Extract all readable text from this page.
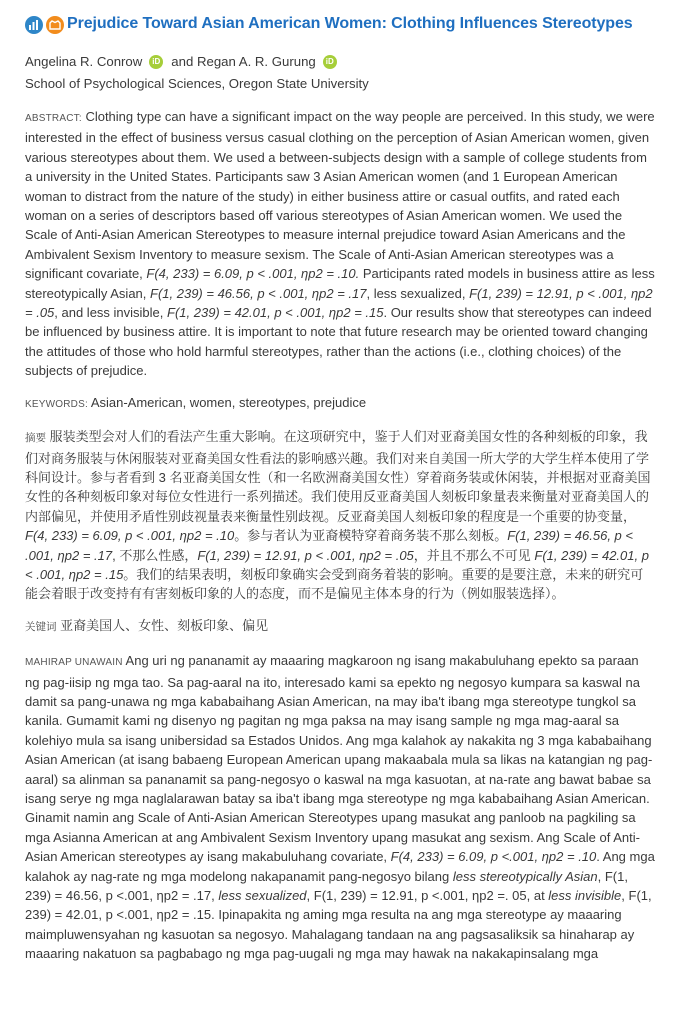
Prejudice Toward Asian American Women: Clothing Influences Stereotypes
Angelina R. Conrow	iD and
Regan A. R. Gurung	iD
School of Psychological Sciences, Oregon State University
ABSTRACT: Clothing type can have a significant impact on the way people are perceived. In this study, we were interested in the effect of business versus casual clothing on the perception of Asian American women, given various stereotypes about them. We used a between-subjects design with a sample of college students from a university in the United States. Participants saw 3 Asian American women (and 1 European American woman to distract from the nature of the study) in either business attire or casual outfits, and rated each woman on a series of descriptors based off various stereotypes of Asian American women. We used the Scale of Anti-Asian American Stereotypes to measure internal prejudice toward Asian Americans and the Ambivalent Sexism Inventory to measure sexism. The Scale of Anti-Asian American stereotypes was a significant covariate, F(4, 233) = 6.09, p < .001, ηp2 = .10. Participants rated models in business attire as less stereotypically Asian, F(1, 239) = 46.56, p < .001, ηp2 = .17, less sexualized, F(1, 239) = 12.91, p < .001, ηp2 = .05, and less invisible, F(1, 239) = 42.01, p < .001, ηp2 = .15. Our results show that stereotypes can indeed be influenced by business attire. It is important to note that future research may be oriented toward changing the attitudes of those who hold harmful stereotypes, rather than the actions (i.e., clothing choices) of the subjects of prejudice.
KEYWORDS: Asian-American, women, stereotypes, prejudice
摘要 服装类型会对人们的看法产生重大影响。在这项研究中，鉴于人们对亚裔美国女性的各种刻板的印象，我们对商务服装与休闲服装对亚裔美国女性看法的影响感兴趣。我们对来自美国一所大学的大学生样本使用了学科间设计。参与者看到 3 名亚裔美国女性（和一名欧洲裔美国女性）穿着商务装或休闲装，并根据对亚裔美国女性的各种刻板印象对每位女性进行一系列描述。我们使用反亚裔美国人刻板印象量表来衡量对亚裔美国人的内部偏见，并使用矛盾性别歧视量表来衡量性别歧视。反亚裔美国人刻板印象的程度是一个重要的协变量，F(4, 233) = 6.09, p < .001, ηp2 = .10。参与者认为亚裔模特穿着商务装不那么刻板。F(1, 239) = 46.56, p < .001, ηp2 = .17, 不那么性感，F(1, 239) = 12.91, p < .001, ηp2 = .05，并且不那么不可见 F(1, 239) = 42.01, p < .001, ηp2 = .15。我们的结果表明，刻板印象确实会受到商务着装的影响。重要的是要注意，未来的研究可能会着眼于改变持有有害刻板印象的人的态度，而不是偏见主体本身的行为（例如服装选择）。
关键词 亚裔美国人、女性、刻板印象、偏见
MAHIRAP UNAWAIN Ang uri ng pananamit ay maaaring magkaroon ng isang makabuluhang epekto sa paraan ng pag-iisip ng mga tao. Sa pag-aaral na ito, interesado kami sa epekto ng negosyo kumpara sa kaswal na damit sa pang-unawa ng mga kababaihang Asian American, na may iba't ibang mga stereotype tungkol sa kanila. Gumamit kami ng disenyo ng pagitan ng mga paksa na may isang sample ng mga mag-aaral sa kolehiyo mula sa isang unibersidad sa Estados Unidos. Ang mga kalahok ay nakakita ng 3 mga kababaihang Asian American (at isang babaeng European American upang makaabala mula sa likas na katangian ng pag-aaral) sa alinman sa pananamit sa pang-negosyo o kaswal na mga kasuotan, at na-rate ang bawat babae sa isang serye ng mga naglalarawan batay sa iba't ibang mga stereotype ng mga kababaihang Asian American. Ginamit namin ang Scale of Anti-Asian American Stereotypes upang masukat ang panloob na pagkiling sa mga Asianna American at ang Ambivalent Sexism Inventory upang masukat ang sexism. Ang Scale of Anti-Asian American stereotypes ay isang makabuluhang covariate, F(4, 233) = 6.09, p <.001, ηp2 = .10. Ang mga kalahok ay nag-rate ng mga modelong nakapanamit pang-negosyo bilang less stereotypically Asian, F(1, 239) = 46.56, p <.001, ηp2 = .17, less sexualized, F(1, 239) = 12.91, p <.001, ηp2 =. 05, at less invisible, F(1, 239) = 42.01, p <.001, ηp2 = .15. Ipinapakita ng aming mga resulta na ang mga stereotype ay maaaring maimpluwensyahan ng kasuotan sa negosyo. Mahalagang tandaan na ang pagsasaliksik sa hinaharap ay maaaring nakatuon sa pagbabago ng mga pag-uugali ng mga may hawak na nakakapinsalang mga
